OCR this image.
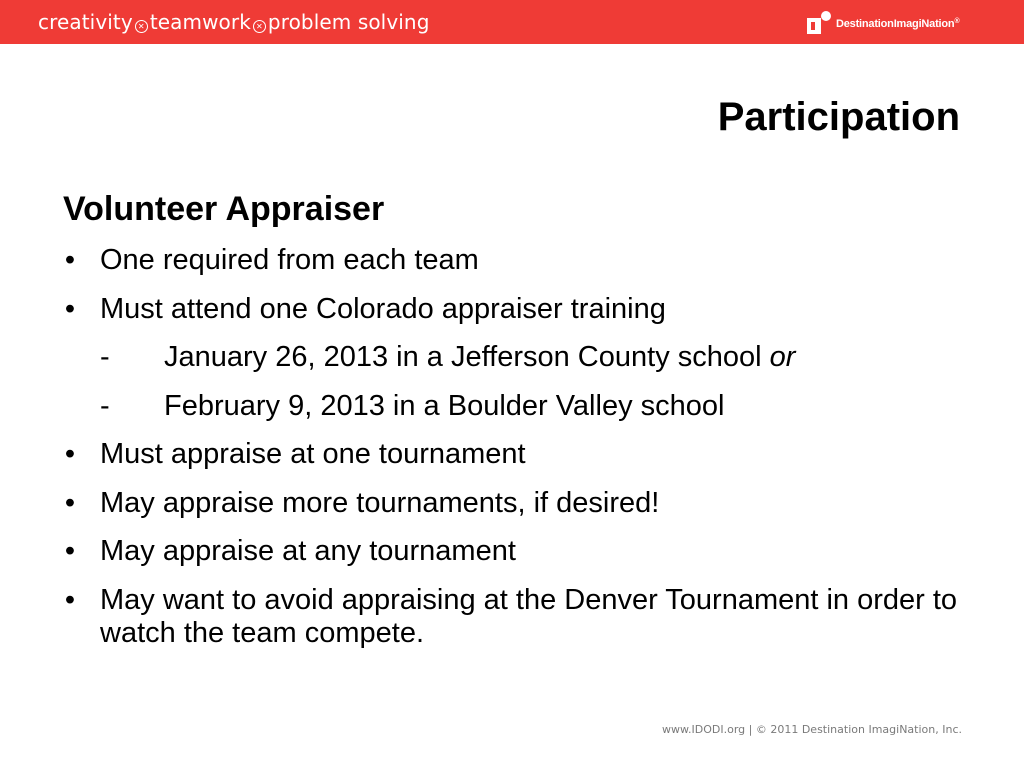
creativity ✕ teamwork ✕ problem solving	DestinationImagiNation®
Participation
Volunteer Appraiser
• One required from each team
• Must attend one Colorado appraiser training
- January 26, 2013 in a Jefferson County school or
- February 9, 2013 in a Boulder Valley school
• Must appraise at one tournament
• May appraise more tournaments, if desired!
• May appraise at any tournament
• May want to avoid appraising at the Denver Tournament in order to watch the team compete.
www.IDODI.org | © 2011 Destination ImagiNation, Inc.
